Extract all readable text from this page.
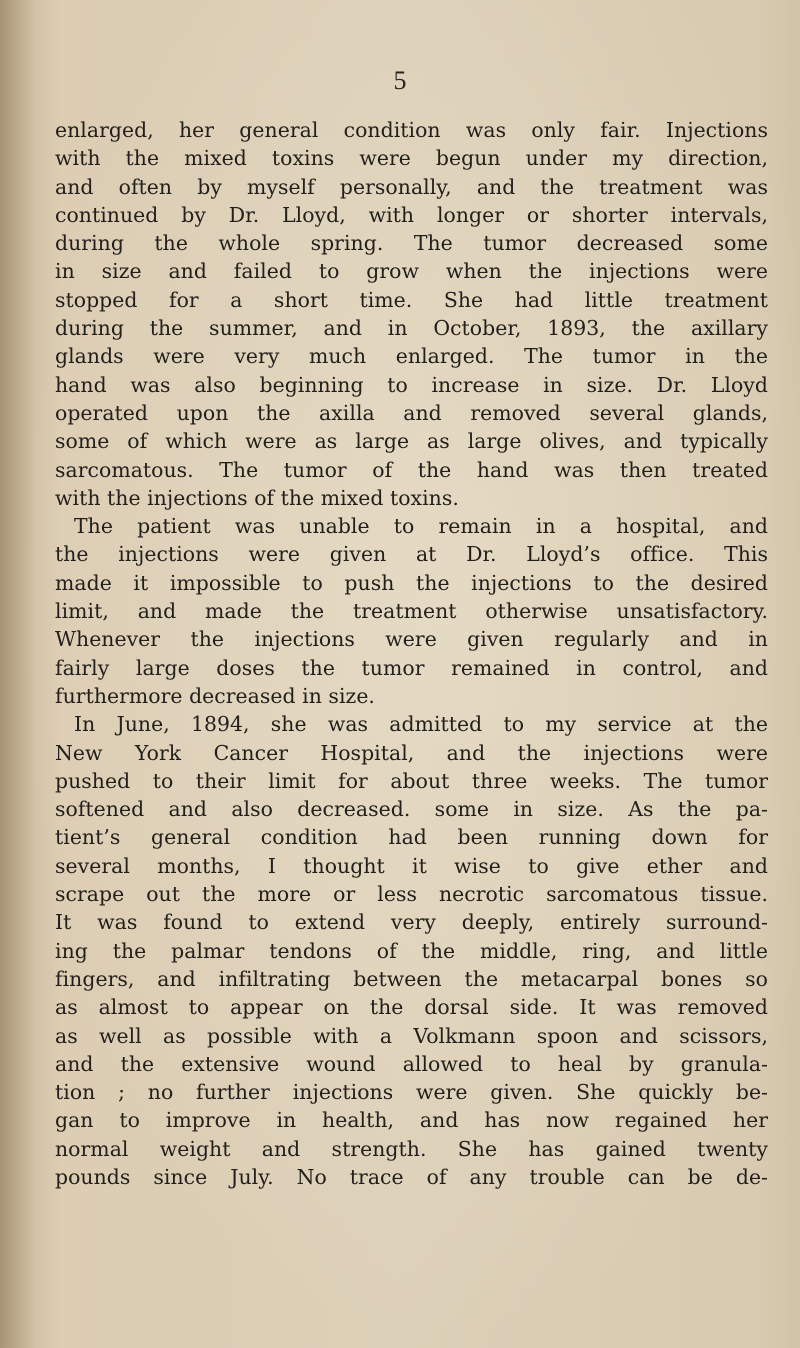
5
enlarged, her general condition was only fair. Injections
with the mixed toxins were begun under my direction,
and often by myself personally, and the treatment was
continued by Dr. Lloyd, with longer or shorter intervals,
during the whole spring. The tumor decreased some
in size and failed to grow when the injections were
stopped for a short time. She had little treatment
during the summer, and in October, 1893, the axillary
glands were very much enlarged. The tumor in the
hand was also beginning to increase in size. Dr. Lloyd
operated upon the axilla and removed several glands,
some of which were as large as large olives, and typically
sarcomatous. The tumor of the hand was then treated
with the injections of the mixed toxins.
The patient was unable to remain in a hospital, and
the injections were given at Dr. Lloyd’s office. This
made it impossible to push the injections to the desired
limit, and made the treatment otherwise unsatisfactory.
Whenever the injections were given regularly and in
fairly large doses the tumor remained in control, and
furthermore decreased in size.
In June, 1894, she was admitted to my service at the
New York Cancer Hospital, and the injections were
pushed to their limit for about three weeks. The tumor
softened and also decreased. some in size. As the pa-
tient’s general condition had been running down for
several months, I thought it wise to give ether and
scrape out the more or less necrotic sarcomatous tissue.
It was found to extend very deeply, entirely surround-
ing the palmar tendons of the middle, ring, and little
fingers, and infiltrating between the metacarpal bones so
as almost to appear on the dorsal side. It was removed
as well as possible with a Volkmann spoon and scissors,
and the extensive wound allowed to heal by granula-
tion ; no further injections were given. She quickly be-
gan to improve in health, and has now regained her
normal weight and strength. She has gained twenty
pounds since July. No trace of any trouble can be de-
